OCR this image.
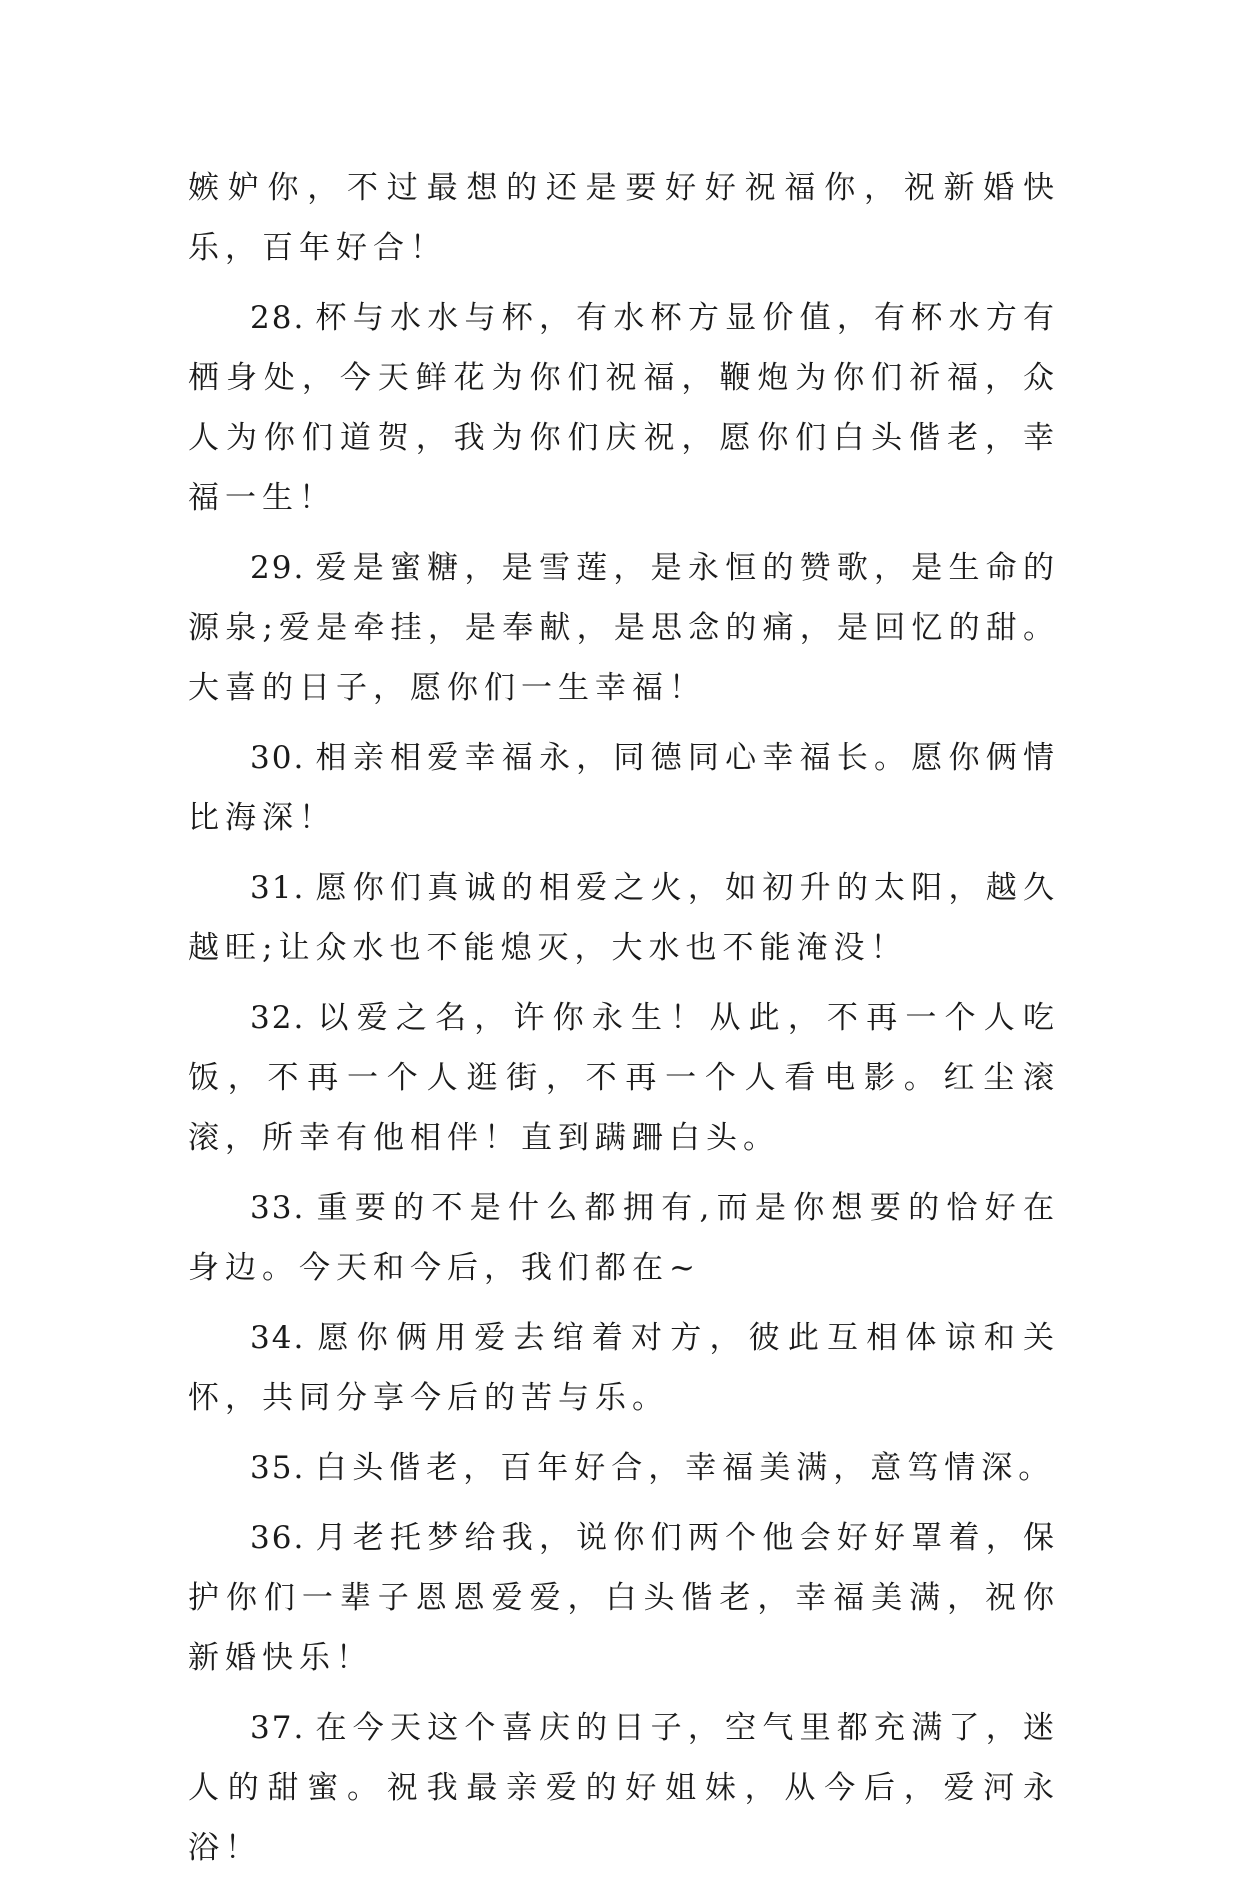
嫉妒你，不过最想的还是要好好祝福你，祝新婚快乐，百年好合！

28. 杯与水水与杯，有水杯方显价值，有杯水方有栖身处，今天鲜花为你们祝福，鞭炮为你们祈福，众人为你们道贺，我为你们庆祝，愿你们白头偕老，幸福一生！

29. 爱是蜜糖，是雪莲，是永恒的赞歌，是生命的源泉;爱是牵挂，是奉献，是思念的痛，是回忆的甜。大喜的日子，愿你们一生幸福！

30. 相亲相爱幸福永，同德同心幸福长。愿你俩情比海深！

31. 愿你们真诚的相爱之火，如初升的太阳，越久越旺;让众水也不能熄灭，大水也不能淹没！

32. 以爱之名，许你永生！从此，不再一个人吃饭，不再一个人逛街，不再一个人看电影。红尘滚滚，所幸有他相伴！直到蹒跚白头。

33. 重要的不是什么都拥有,而是你想要的恰好在身边。今天和今后，我们都在~

34. 愿你俩用爱去绾着对方，彼此互相体谅和关怀，共同分享今后的苦与乐。

35. 白头偕老，百年好合，幸福美满，意笃情深。

36. 月老托梦给我，说你们两个他会好好罩着，保护你们一辈子恩恩爱爱，白头偕老，幸福美满，祝你新婚快乐！

37. 在今天这个喜庆的日子，空气里都充满了，迷人的甜蜜。祝我最亲爱的好姐妹，从今后，爱河永浴！
